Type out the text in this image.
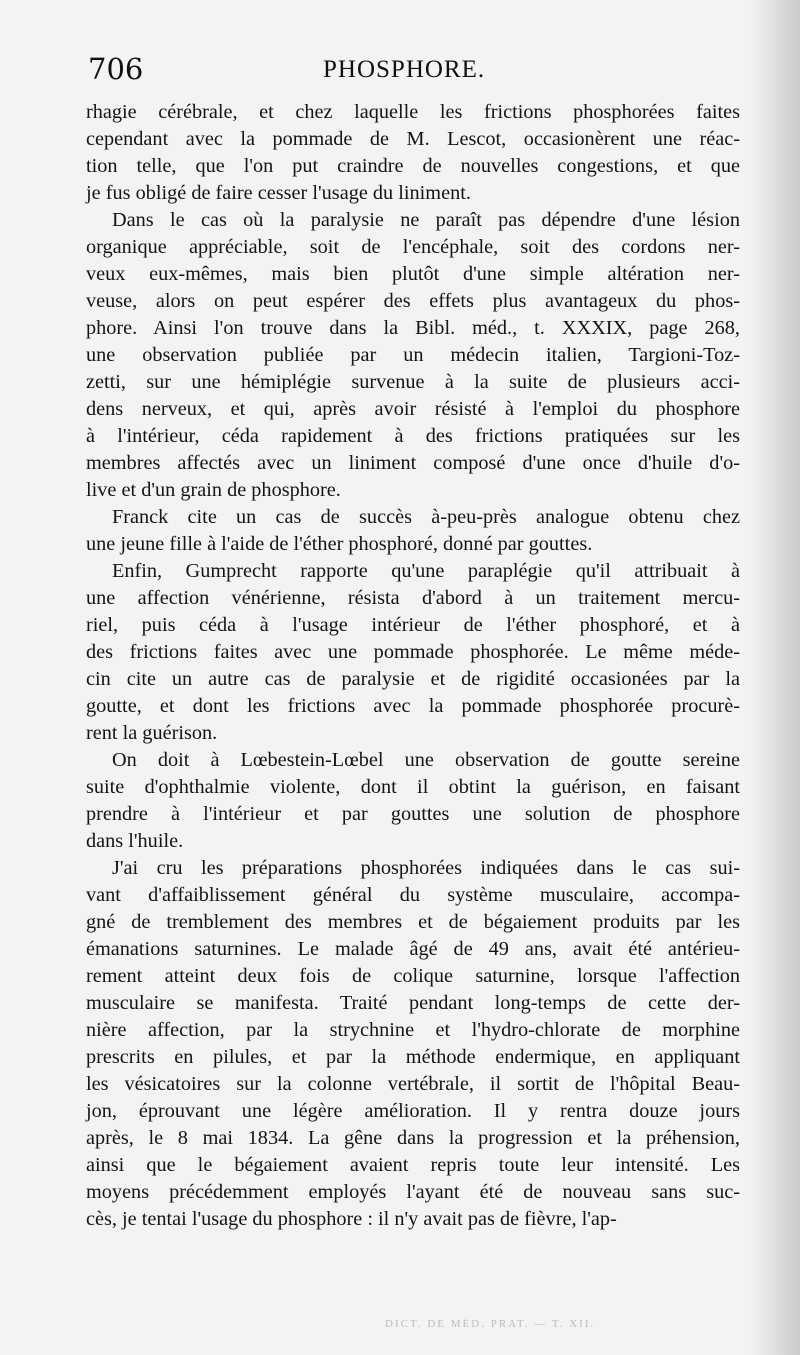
706	PHOSPHORE.
rhagie cérébrale, et chez laquelle les frictions phosphorées faites
cependant avec la pommade de M. Lescot, occasionèrent une réac-
tion telle, que l'on put craindre de nouvelles congestions, et que
je fus obligé de faire cesser l'usage du liniment.
Dans le cas où la paralysie ne paraît pas dépendre d'une lésion
organique appréciable, soit de l'encéphale, soit des cordons ner-
veux eux-mêmes, mais bien plutôt d'une simple altération ner-
veuse, alors on peut espérer des effets plus avantageux du phos-
phore. Ainsi l'on trouve dans la Bibl. méd., t. XXXIX, page 268,
une observation publiée par un médecin italien, Targioni-Toz-
zetti, sur une hémiplégie survenue à la suite de plusieurs acci-
dens nerveux, et qui, après avoir résisté à l'emploi du phosphore
à l'intérieur, céda rapidement à des frictions pratiquées sur les
membres affectés avec un liniment composé d'une once d'huile d'o-
live et d'un grain de phosphore.
Franck cite un cas de succès à-peu-près analogue obtenu chez
une jeune fille à l'aide de l'éther phosphoré, donné par gouttes.
Enfin, Gumprecht rapporte qu'une paraplégie qu'il attribuait à
une affection vénérienne, résista d'abord à un traitement mercu-
riel, puis céda à l'usage intérieur de l'éther phosphoré, et à
des frictions faites avec une pommade phosphorée. Le même méde-
cin cite un autre cas de paralysie et de rigidité occasionées par la
goutte, et dont les frictions avec la pommade phosphorée procurè-
rent la guérison.
On doit à Lœbestein-Lœbel une observation de goutte sereine
suite d'ophthalmie violente, dont il obtint la guérison, en faisant
prendre à l'intérieur et par gouttes une solution de phosphore
dans l'huile.
J'ai cru les préparations phosphorées indiquées dans le cas sui-
vant d'affaiblissement général du système musculaire, accompa-
gné de tremblement des membres et de bégaiement produits par les
émanations saturnines. Le malade âgé de 49 ans, avait été antérieu-
rement atteint deux fois de colique saturnine, lorsque l'affection
musculaire se manifesta. Traité pendant long-temps de cette der-
nière affection, par la strychnine et l'hydro-chlorate de morphine
prescrits en pilules, et par la méthode endermique, en appliquant
les vésicatoires sur la colonne vertébrale, il sortit de l'hôpital Beau-
jon, éprouvant une légère amélioration. Il y rentra douze jours
après, le 8 mai 1834. La gêne dans la progression et la préhension,
ainsi que le bégaiement avaient repris toute leur intensité. Les
moyens précédemment employés l'ayant été de nouveau sans suc-
cès, je tentai l'usage du phosphore : il n'y avait pas de fièvre, l'ap-
DICT. DE MÉD. PRAT. — T. XII.
